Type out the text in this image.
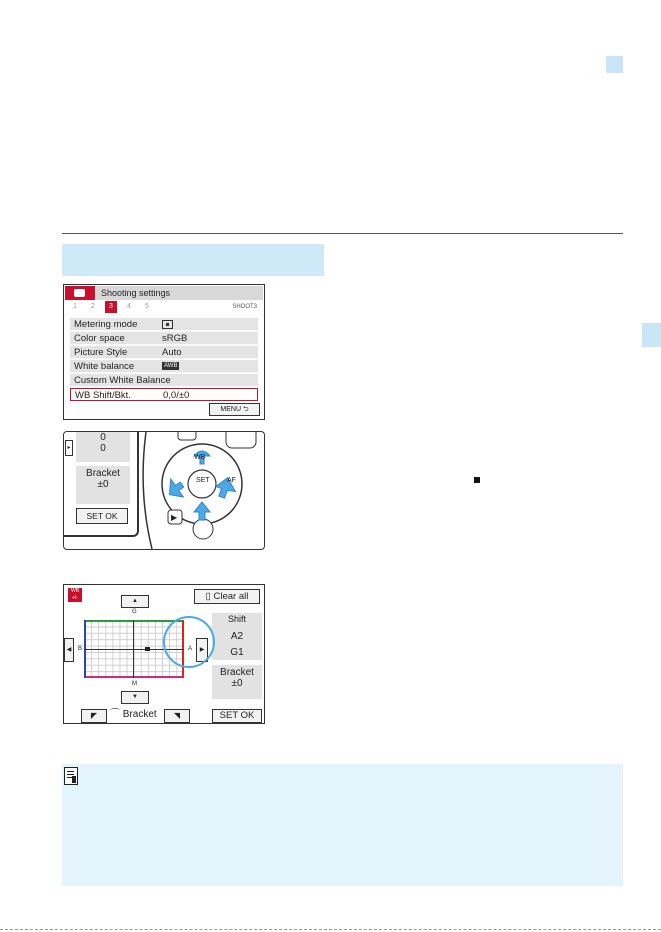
Shooting settings
1	2	3	4	5	SHOOT3
Metering mode
Color space	sRGB
Picture Style	Auto
White balance	AWB
Custom White Balance
WB Shift/Bkt.	0,0/±0
MENU ⮌
▸
0
0
Bracket
±0
SET OK	▶
WB
SET AF
WB +/-	▲	▯ Clear all
G
M
B	A
◀	▶
▼
Shift
A2
G1
Bracket
±0
◤	⌒ Bracket	◥	SET OK
